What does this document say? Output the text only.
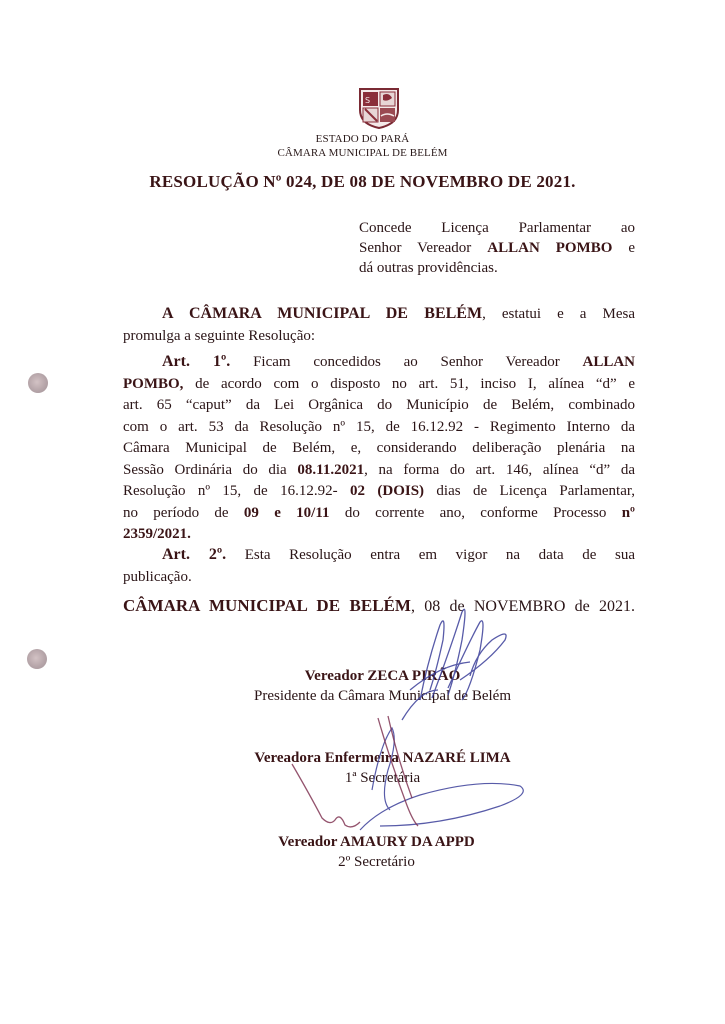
S
ESTADO DO PARÁ
CÂMARA MUNICIPAL DE BELÉM
RESOLUÇÃO Nº 024, DE 08 DE NOVEMBRO DE 2021.
Concede Licença Parlamentar ao
Senhor Vereador ALLAN POMBO e
dá outras providências.
A CÂMARA MUNICIPAL DE BELÉM, estatui e a Mesa
promulga a seguinte Resolução:
Art. 1º. Ficam concedidos ao Senhor Vereador ALLAN
POMBO, de acordo com o disposto no art. 51, inciso I, alínea “d” e
art. 65 “caput” da Lei Orgânica do Município de Belém, combinado
com o art. 53 da Resolução nº 15, de 16.12.92 - Regimento Interno da
Câmara Municipal de Belém, e, considerando deliberação plenária na
Sessão Ordinária do dia 08.11.2021, na forma do art. 146, alínea “d” da
Resolução nº 15, de 16.12.92- 02 (DOIS) dias de Licença Parlamentar,
no período de 09 e 10/11 do corrente ano, conforme Processo nº
2359/2021.
Art. 2º. Esta Resolução entra em vigor na data de sua
publicação.
CÂMARA MUNICIPAL DE BELÉM, 08 de NOVEMBRO de 2021.
Vereador ZECA PIRÃO
Presidente da Câmara Municipal de Belém
Vereadora Enfermeira NAZARÉ LIMA
1ª Secretária
Vereador AMAURY DA APPD
2º Secretário
